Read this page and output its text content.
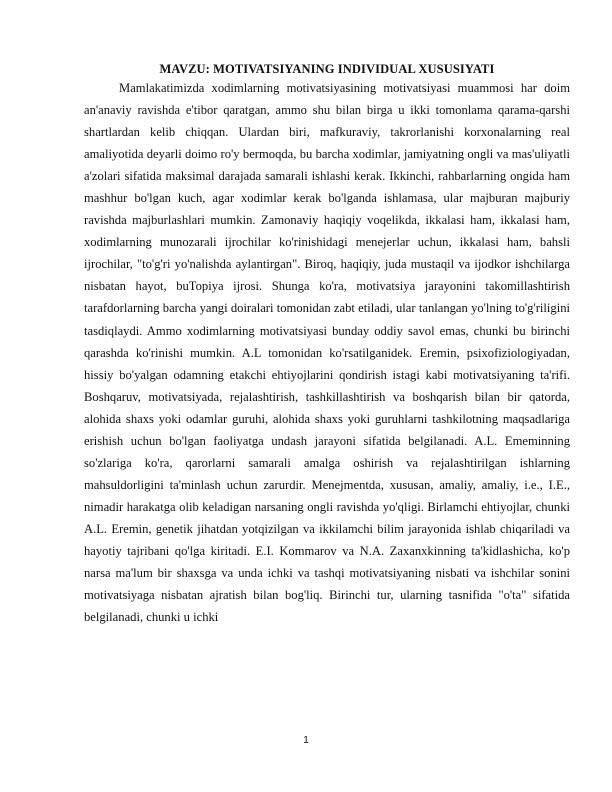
MAVZU: MOTIVATSIYANING INDIVIDUAL XUSUSIYATI

Mamlakatimizda xodimlarning motivatsiyasining motivatsiyasi muammosi har doim an'anaviy ravishda e'tibor qaratgan, ammo shu bilan birga u ikki tomonlama qarama-qarshi shartlardan kelib chiqqan. Ulardan biri, mafkuraviy, takrorlanishi korxonalarning real amaliyotida deyarli doimo ro'y bermoqda, bu barcha xodimlar, jamiyatning ongli va mas'uliyatli a'zolari sifatida maksimal darajada samarali ishlashi kerak. Ikkinchi, rahbarlarning ongida ham mashhur bo'lgan kuch, agar xodimlar kerak bo'lganda ishlamasa, ular majburan majburiy ravishda majburlashlari mumkin. Zamonaviy haqiqiy voqelikda, ikkalasi ham, ikkalasi ham, xodimlarning munozarali ijrochilar ko'rinishidagi menejerlar uchun, ikkalasi ham, bahsli ijrochilar, "to'g'ri yo'nalishda aylantirgan". Biroq, haqiqiy, juda mustaqil va ijodkor ishchilarga nisbatan hayot, buTopiya ijrosi. Shunga ko'ra, motivatsiya jarayonini takomillashtirish tarafdorlarning barcha yangi doiralari tomonidan zabt etiladi, ular tanlangan yo'lning to'g'riligini tasdiqlaydi. Ammo xodimlarning motivatsiyasi bunday oddiy savol emas, chunki bu birinchi qarashda ko'rinishi mumkin. A.L tomonidan ko'rsatilganidek. Eremin, psixofiziologiyadan, hissiy bo'yalgan odamning etakchi ehtiyojlarini qondirish istagi kabi motivatsiyaning ta'rifi. Boshqaruv, motivatsiyada, rejalashtirish, tashkillashtirish va boshqarish bilan bir qatorda, alohida shaxs yoki odamlar guruhi, alohida shaxs yoki guruhlarni tashkilotning maqsadlariga erishish uchun bo'lgan faoliyatga undash jarayoni sifatida belgilanadi. A.L. Ememinning so'zlariga ko'ra, qarorlarni samarali amalga oshirish va rejalashtirilgan ishlarning mahsuldorligini ta'minlash uchun zarurdir. Menejmentda, xususan, amaliy, amaliy, i.e., I.E., nimadir harakatga olib keladigan narsaning ongli ravishda yo'qligi. Birlamchi ehtiyojlar, chunki A.L. Eremin, genetik jihatdan yotqizilgan va ikkilamchi bilim jarayonida ishlab chiqariladi va hayotiy tajribani qo'lga kiritadi. E.I. Kommarov va N.A. Zaxanxkinning ta'kidlashicha, ko'p narsa ma'lum bir shaxsga va unda ichki va tashqi motivatsiyaning nisbati va ishchilar sonini motivatsiyaga nisbatan ajratish bilan bog'liq. Birinchi tur, ularning tasnifida "o'ta" sifatida belgilanadi, chunki u ichki

1
